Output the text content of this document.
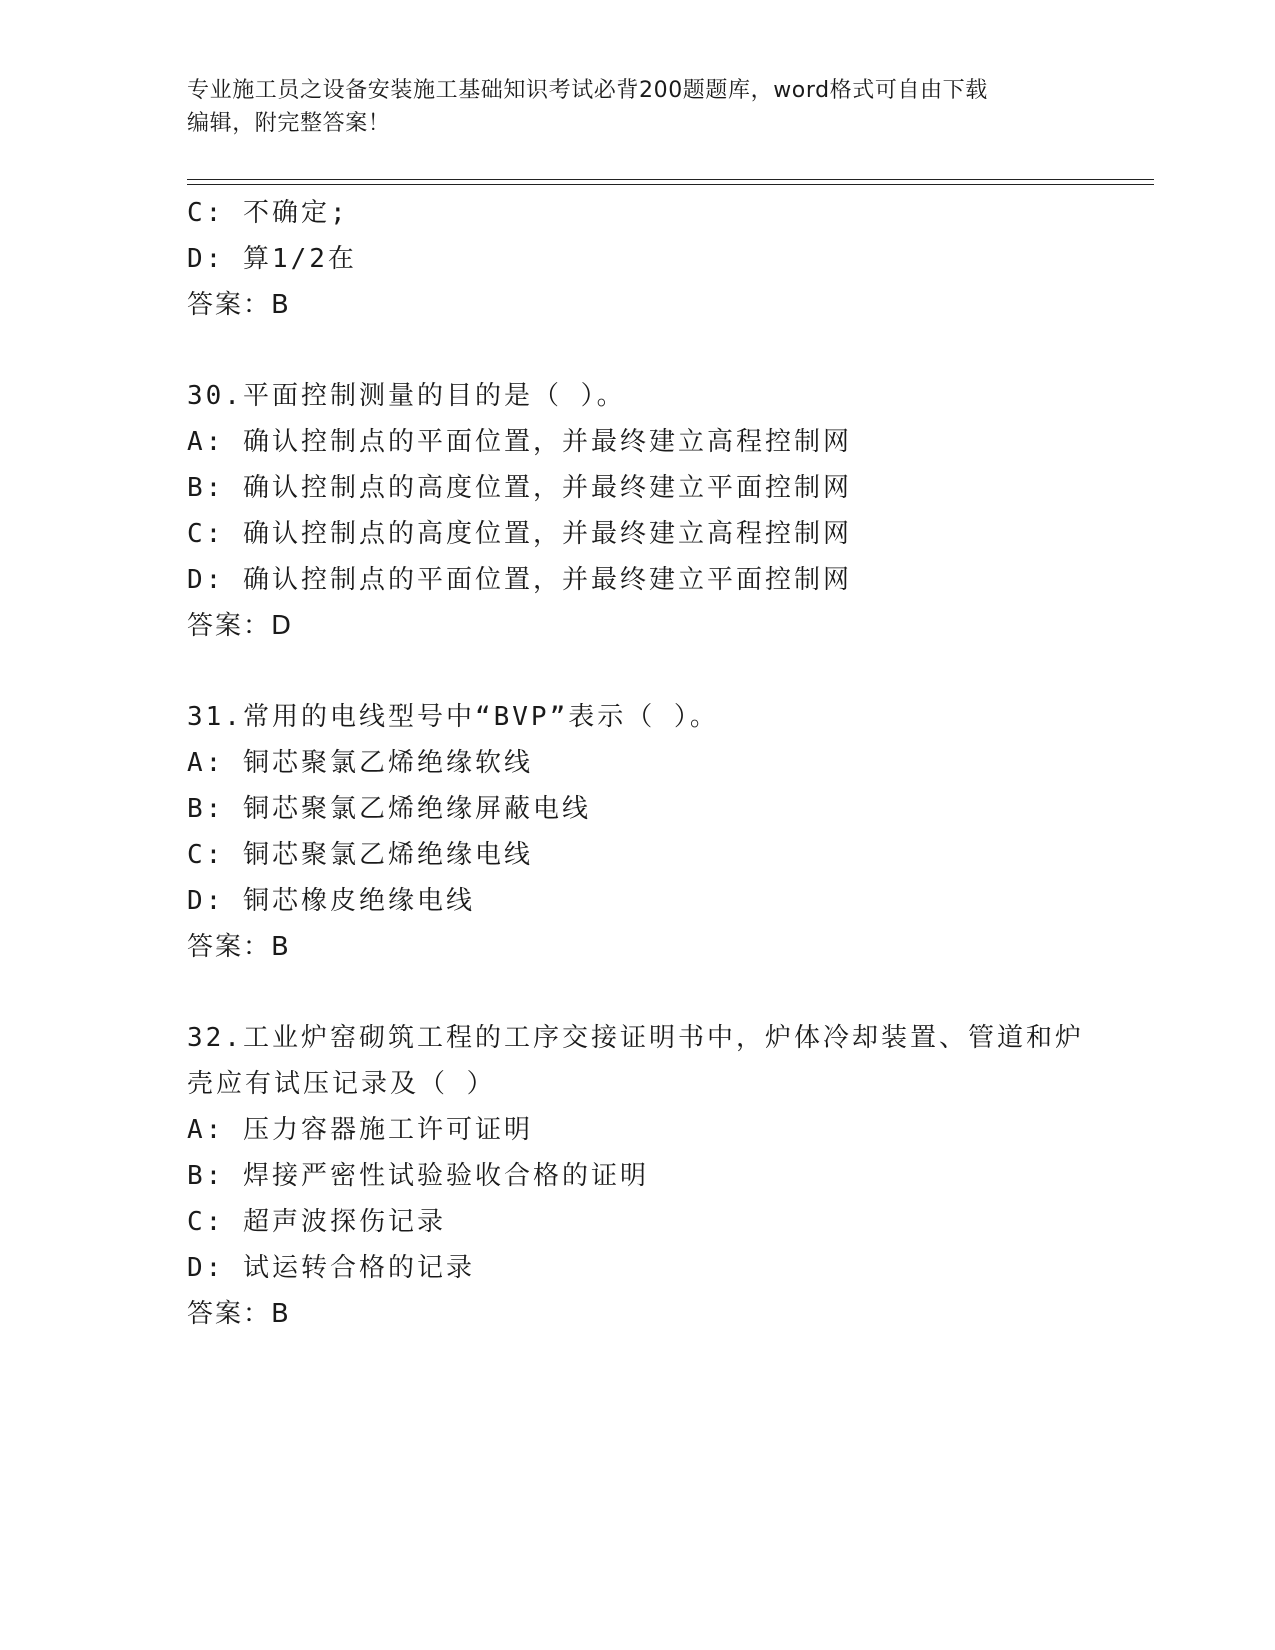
专业施工员之设备安装施工基础知识考试必背200题题库，word格式可自由下载
编辑，附完整答案！
C: 不确定;
D: 算1/2在
答案：B
30.平面控制测量的目的是（ ）。
A: 确认控制点的平面位置，并最终建立高程控制网
B: 确认控制点的高度位置，并最终建立平面控制网
C: 确认控制点的高度位置，并最终建立高程控制网
D: 确认控制点的平面位置，并最终建立平面控制网
答案：D
31.常用的电线型号中“BVP”表示（ ）。
A: 铜芯聚氯乙烯绝缘软线
B: 铜芯聚氯乙烯绝缘屏蔽电线
C: 铜芯聚氯乙烯绝缘电线
D: 铜芯橡皮绝缘电线
答案：B
32.工业炉窑砌筑工程的工序交接证明书中，炉体冷却装置、管道和炉
壳应有试压记录及（ ）
A: 压力容器施工许可证明
B: 焊接严密性试验验收合格的证明
C: 超声波探伤记录
D: 试运转合格的记录
答案：B
